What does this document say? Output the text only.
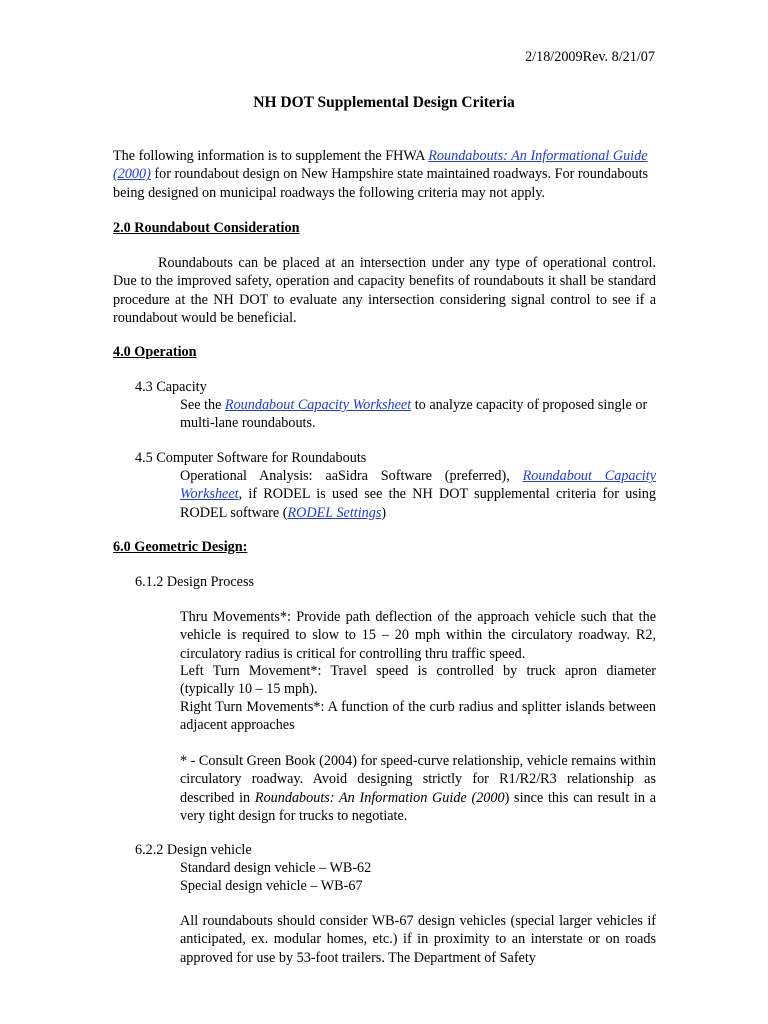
2/18/2009Rev. 8/21/07

NH DOT Supplemental Design Criteria

The following information is to supplement the FHWA Roundabouts: An Informational Guide (2000) for roundabout design on New Hampshire state maintained roadways. For roundabouts being designed on municipal roadways the following criteria may not apply.

2.0 Roundabout Consideration

Roundabouts can be placed at an intersection under any type of operational control. Due to the improved safety, operation and capacity benefits of roundabouts it shall be standard procedure at the NH DOT to evaluate any intersection considering signal control to see if a roundabout would be beneficial.

4.0 Operation

4.3 Capacity

See the Roundabout Capacity Worksheet to analyze capacity of proposed single or multi-lane roundabouts.

4.5 Computer Software for Roundabouts

Operational Analysis: aaSidra Software (preferred), Roundabout Capacity Worksheet, if RODEL is used see the NH DOT supplemental criteria for using RODEL software (RODEL Settings)

6.0 Geometric Design:

6.1.2 Design Process

Thru Movements*: Provide path deflection of the approach vehicle such that the vehicle is required to slow to 15 – 20 mph within the circulatory roadway. R2, circulatory radius is critical for controlling thru traffic speed.

Left Turn Movement*: Travel speed is controlled by truck apron diameter (typically 10 – 15 mph).

Right Turn Movements*: A function of the curb radius and splitter islands between adjacent approaches

* - Consult Green Book (2004) for speed-curve relationship, vehicle remains within circulatory roadway. Avoid designing strictly for R1/R2/R3 relationship as described in Roundabouts: An Information Guide (2000) since this can result in a very tight design for trucks to negotiate.

6.2.2 Design vehicle

Standard design vehicle – WB-62

Special design vehicle – WB-67

All roundabouts should consider WB-67 design vehicles (special larger vehicles if anticipated, ex. modular homes, etc.) if in proximity to an interstate or on roads approved for use by 53-foot trailers. The Department of Safety
